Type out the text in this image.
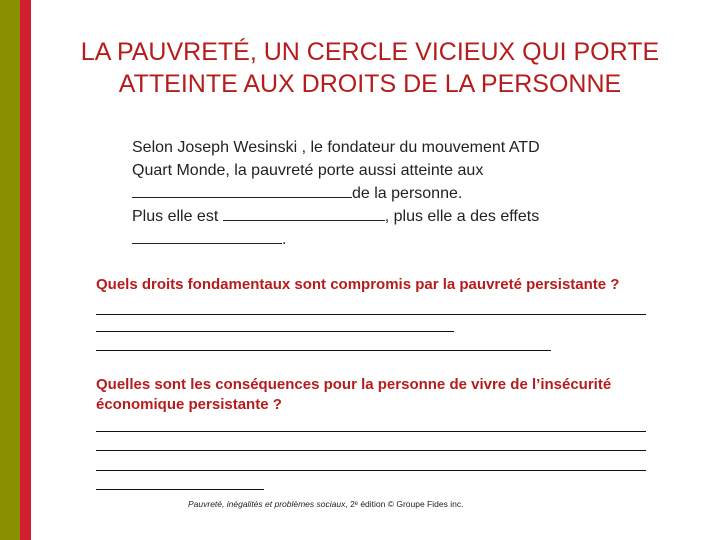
LA PAUVRETÉ, UN CERCLE VICIEUX QUI PORTE
ATTEINTE AUX DROITS DE LA PERSONNE

Selon Joseph Wesinski , le fondateur du mouvement ATD

Quart Monde, la pauvreté porte aussi atteinte aux

de la personne.

Plus elle est	, plus elle a des effets

.

Quels droits fondamentaux sont compromis par la pauvreté persistante ?
Quelles sont les conséquences pour la personne de vivre de l’insécurité
économique persistante ?
Pauvreté, inégalités et problèmes sociaux, 2ᵉ édition © Groupe Fides inc.
